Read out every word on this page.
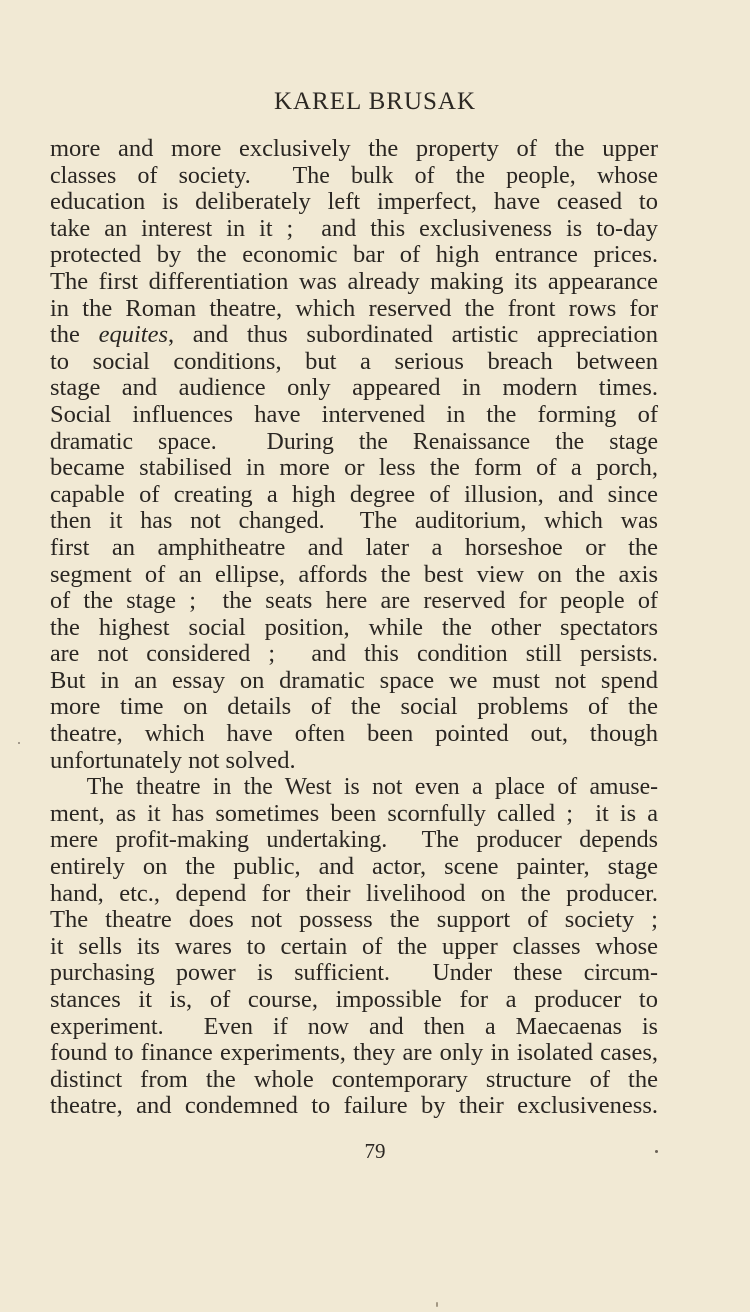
KAREL BRUSAK
more and more exclusively the property of the upper
classes of society.  The bulk of the people, whose
education is deliberately left imperfect, have ceased to
take an interest in it ;  and this exclusiveness is to-day
protected by the economic bar of high entrance prices.
The first differentiation was already making its appearance
in the Roman theatre, which reserved the front rows for
the equites, and thus subordinated artistic appreciation
to social conditions, but a serious breach between
stage and audience only appeared in modern times.
Social influences have intervened in the forming of
dramatic space.  During the Renaissance the stage
became stabilised in more or less the form of a porch,
capable of creating a high degree of illusion, and since
then it has not changed.  The auditorium, which was
first an amphitheatre and later a horseshoe or the
segment of an ellipse, affords the best view on the axis
of the stage ;  the seats here are reserved for people of
the highest social position, while the other spectators
are not considered ;  and this condition still persists.
But in an essay on dramatic space we must not spend
more time on details of the social problems of the
theatre, which have often been pointed out, though
unfortunately not solved.
The theatre in the West is not even a place of amuse-
ment, as it has sometimes been scornfully called ;  it is a
mere profit-making undertaking.  The producer depends
entirely on the public, and actor, scene painter, stage
hand, etc., depend for their livelihood on the producer.
The theatre does not possess the support of society ;
it sells its wares to certain of the upper classes whose
purchasing power is sufficient.  Under these circum-
stances it is, of course, impossible for a producer to
experiment.  Even if now and then a Maecaenas is
found to finance experiments, they are only in isolated cases,
distinct from the whole contemporary structure of the
theatre, and condemned to failure by their exclusiveness.
79
